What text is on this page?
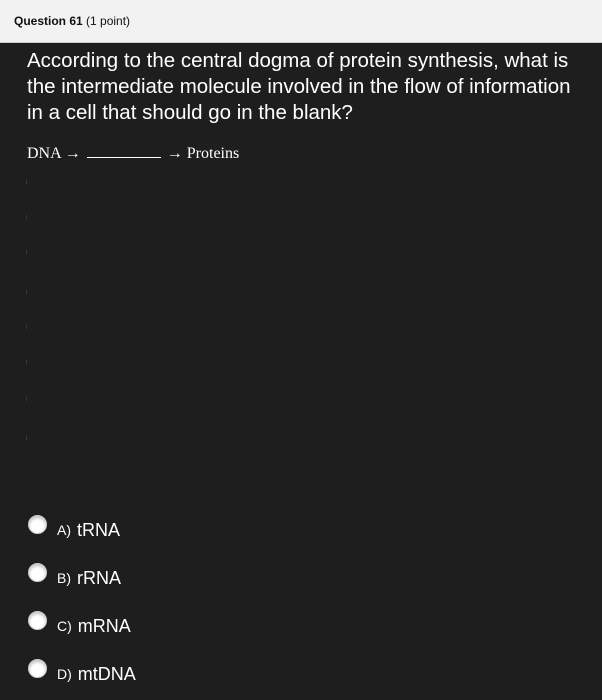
Question 61 (1 point)
According to the central dogma of protein synthesis, what is the intermediate molecule involved in the flow of information in a cell that should go in the blank?
DNA →	→ Proteins
A) tRNA
B) rRNA
C) mRNA
D) mtDNA
